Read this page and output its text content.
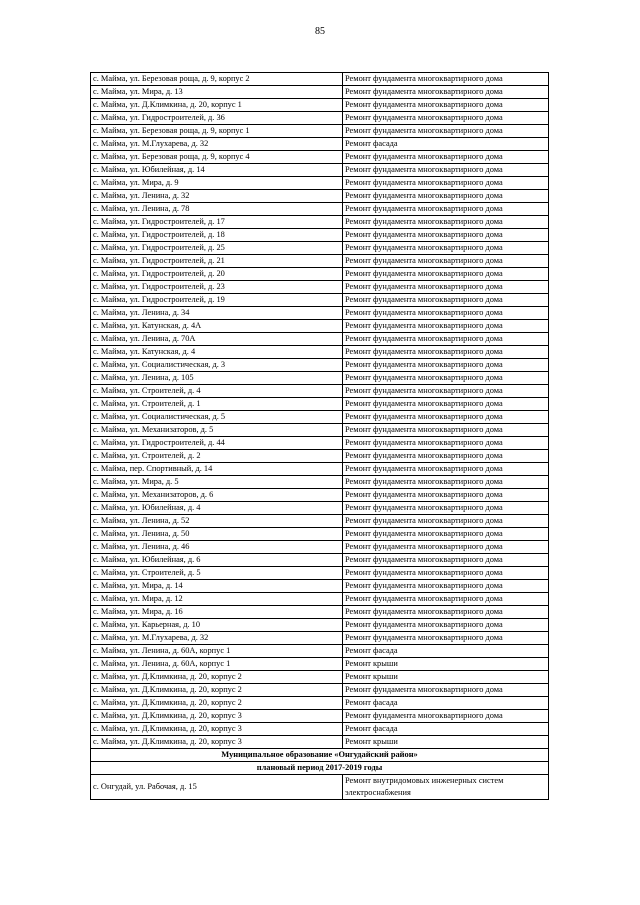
85
с. Майма, ул. Березовая роща, д. 9, корпус 2	Ремонт фундамента многоквартирного дома
с. Майма, ул. Мира, д. 13	Ремонт фундамента многоквартирного дома
с. Майма, ул. Д.Климкина, д. 20, корпус 1	Ремонт фундамента многоквартирного дома
с. Майма, ул. Гидростроителей, д. 36	Ремонт фундамента многоквартирного дома
с. Майма, ул. Березовая роща, д. 9, корпус 1	Ремонт фундамента многоквартирного дома
с. Майма, ул. М.Глухарева, д. 32	Ремонт фасада
с. Майма, ул. Березовая роща, д. 9, корпус 4	Ремонт фундамента многоквартирного дома
с. Майма, ул. Юбилейная, д. 14	Ремонт фундамента многоквартирного дома
с. Майма, ул. Мира, д. 9	Ремонт фундамента многоквартирного дома
с. Майма, ул. Ленина, д. 32	Ремонт фундамента многоквартирного дома
с. Майма, ул. Ленина, д. 78	Ремонт фундамента многоквартирного дома
с. Майма, ул. Гидростроителей, д. 17	Ремонт фундамента многоквартирного дома
с. Майма, ул. Гидростроителей, д. 18	Ремонт фундамента многоквартирного дома
с. Майма, ул. Гидростроителей, д. 25	Ремонт фундамента многоквартирного дома
с. Майма, ул. Гидростроителей, д. 21	Ремонт фундамента многоквартирного дома
с. Майма, ул. Гидростроителей, д. 20	Ремонт фундамента многоквартирного дома
с. Майма, ул. Гидростроителей, д. 23	Ремонт фундамента многоквартирного дома
с. Майма, ул. Гидростроителей, д. 19	Ремонт фундамента многоквартирного дома
с. Майма, ул. Ленина, д. 34	Ремонт фундамента многоквартирного дома
с. Майма, ул. Катунская, д. 4А	Ремонт фундамента многоквартирного дома
с. Майма, ул. Ленина, д. 70А	Ремонт фундамента многоквартирного дома
с. Майма, ул. Катунская, д. 4	Ремонт фундамента многоквартирного дома
с. Майма, ул. Социалистическая, д. 3	Ремонт фундамента многоквартирного дома
с. Майма, ул. Ленина, д. 105	Ремонт фундамента многоквартирного дома
с. Майма, ул. Строителей, д. 4	Ремонт фундамента многоквартирного дома
с. Майма, ул. Строителей, д. 1	Ремонт фундамента многоквартирного дома
с. Майма, ул. Социалистическая, д. 5	Ремонт фундамента многоквартирного дома
с. Майма, ул. Механизаторов, д. 5	Ремонт фундамента многоквартирного дома
с. Майма, ул. Гидростроителей, д. 44	Ремонт фундамента многоквартирного дома
с. Майма, ул. Строителей, д. 2	Ремонт фундамента многоквартирного дома
с. Майма, пер. Спортивный, д. 14	Ремонт фундамента многоквартирного дома
с. Майма, ул. Мира, д. 5	Ремонт фундамента многоквартирного дома
с. Майма, ул. Механизаторов, д. 6	Ремонт фундамента многоквартирного дома
с. Майма, ул. Юбилейная, д. 4	Ремонт фундамента многоквартирного дома
с. Майма, ул. Ленина, д. 52	Ремонт фундамента многоквартирного дома
с. Майма, ул. Ленина, д. 50	Ремонт фундамента многоквартирного дома
с. Майма, ул. Ленина, д. 46	Ремонт фундамента многоквартирного дома
с. Майма, ул. Юбилейная, д. 6	Ремонт фундамента многоквартирного дома
с. Майма, ул. Строителей, д. 5	Ремонт фундамента многоквартирного дома
с. Майма, ул. Мира, д. 14	Ремонт фундамента многоквартирного дома
с. Майма, ул. Мира, д. 12	Ремонт фундамента многоквартирного дома
с. Майма, ул. Мира, д. 16	Ремонт фундамента многоквартирного дома
с. Майма, ул. Карьерная, д. 10	Ремонт фундамента многоквартирного дома
с. Майма, ул. М.Глухарева, д. 32	Ремонт фундамента многоквартирного дома
с. Майма, ул. Ленина, д. 60А, корпус 1	Ремонт фасада
с. Майма, ул. Ленина, д. 60А, корпус 1	Ремонт крыши
с. Майма, ул. Д.Климкина, д. 20, корпус 2	Ремонт крыши
с. Майма, ул. Д.Климкина, д. 20, корпус 2	Ремонт фундамента многоквартирного дома
с. Майма, ул. Д.Климкина, д. 20, корпус 2	Ремонт фасада
с. Майма, ул. Д.Климкина, д. 20, корпус 3	Ремонт фундамента многоквартирного дома
с. Майма, ул. Д.Климкина, д. 20, корпус 3	Ремонт фасада
с. Майма, ул. Д.Климкина, д. 20, корпус 3	Ремонт крыши
Муниципальное образование «Онгудайский район»	
плановый период 2017-2019 годы	
с. Онгудай, ул. Рабочая, д. 15	Ремонт внутридомовых инженерных систем электроснабжения
